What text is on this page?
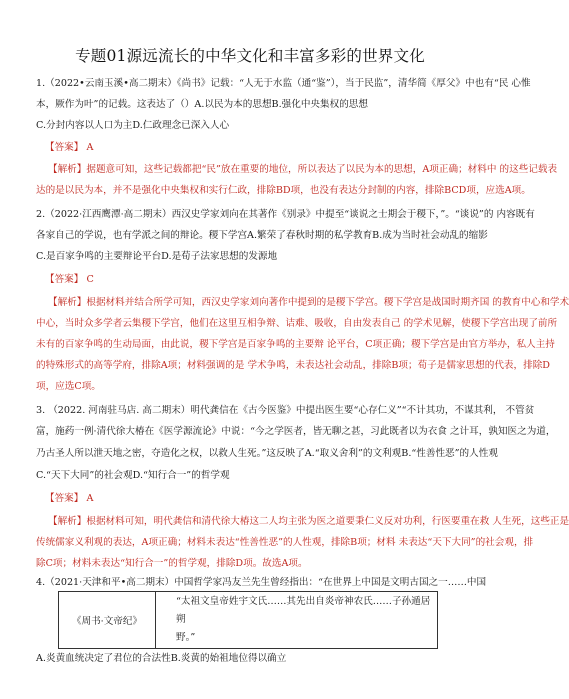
专题01源远流长的中华文化和丰富多彩的世界文化
1.（2022•云南玉溪•高二期末）《尚书》记载：“人无于水监（通“鉴”），当于民监”，清华简《厚父》中也有“民 心惟
本，厥作为叶”的记载。这表达了（）A.以民为本的思想B.强化中央集权的思想
C.分封内容以人口为主D.仁政理念已深入人心
【答案】 A
【解析】据题意可知，这些记载都把“民”放在重要的地位，所以表达了以民为本的思想，A项正确；材料中 的这些记载表
达的是以民为本，并不是强化中央集权和实行仁政，排除BD项，也没有表达分封制的内容，排除BCD项，应选A项。
2.（2022·江西鹰潭·高二期末）西汉史学家刘向在其著作《别录》中提至“谈说之士期会于稷下，”。“谈说”的 内容既有
各家自己的学说，也有学派之间的辩论。稷下学宫A.繁荣了春秋时期的私学教育B.成为当时社会动乱的缩影
C.是百家争鸣的主要辩论平台D.是荀子法家思想的发源地
【答案】 C
【解析】根据材料并结合所学可知，西汉史学家刘向著作中提到的是稷下学宫。稷下学宫是战国时期齐国 的教育中心和学术
中心，当时众多学者云集稷下学宫，他们在这里互相争辩、诘难、吸收，自由发表自己 的学术见解，使稷下学宫出现了前所
未有的百家争鸣的生动局面，由此说，稷下学宫是百家争鸣的主要辩 论平台，C项正确；稷下学宫是由官方举办，私人主持
的特殊形式的高等学府，排除A项；材料强调的是 学术争鸣，未表达社会动乱，排除B项；荀子是儒家思想的代表，排除D
项，应选C项。
3. （2022. 河南驻马店. 高二期末）明代龚信在《古今医鉴》中提出医生要“心存仁义”“不计其功，不谋其利， 不管贫
富，施药一例·清代徐大椿在《医学源流论》中说：“今之学医者，皆无聊之甚，习此既者以为衣食 之计耳，孰知医之为道，
乃古圣人所以泄天地之密，夺造化之权，以救人生死。”这反映了A.“取义舍利”的文利观B.“性善性恶”的人性观
C.“天下大同”的社会观D.“知行合一”的哲学观
【答案】 A
【解析】根据材料可知，明代龚信和清代徐大椿这二人均主张为医之道要秉仁义反对功利，行医要重在救 人生死，这些正是
传统儒家义利观的表达，A项正确；材料未表达“性善性恶”的人性观，排除B项；材料 未表达“天下大同”的社会观，排
除C项；材料未表达“知行合一”的哲学观，排除D项。故选A项。
4.（2021·天津和平•高二期末）中国哲学家冯友兰先生曾经指出：“在世界上中国是文明古国之一……中国
《周书·文帝纪》	
“太祖文皇帝姓宇文氏……其先出自炎帝神农氏……子孙遁居朔
野。”
A.炎黄血统决定了君位的合法性B.炎黄的始祖地位得以确立
